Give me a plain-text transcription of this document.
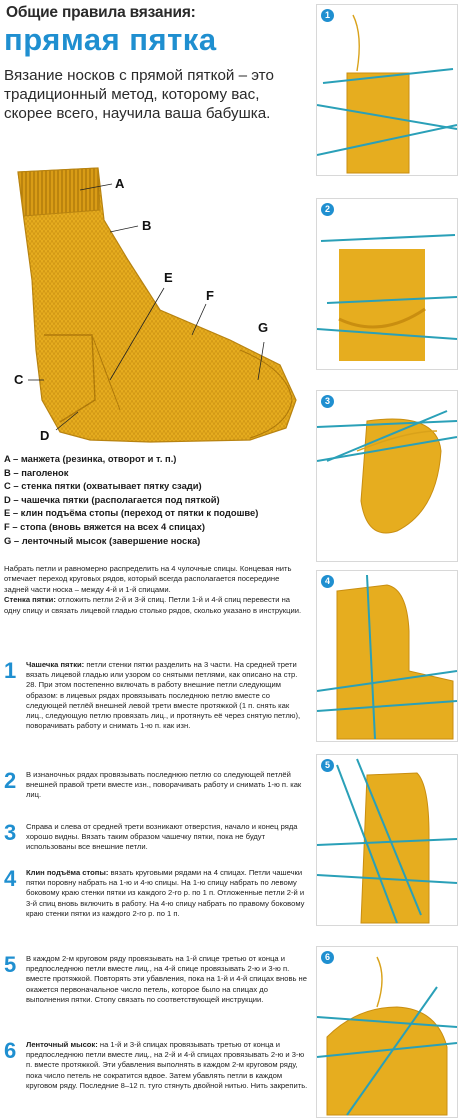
Общие правила вязания:
прямая пятка
Вязание носков с прямой пяткой – это традиционный метод, которому вас, скорее всего, научила ваша бабушка.
A
B
C
D
E
F
G
A – манжета (резинка, отворот и т. п.)
B – паголенок
C – стенка пятки (охватывает пятку сзади)
D – чашечка пятки (располагается под пяткой)
E – клин подъёма стопы (переход от пятки к подошве)
F – стопа (вновь вяжется на всех 4 спицах)
G – ленточный мысок (завершение носка)
Набрать петли и равномерно распределить на 4 чулочные спицы. Концевая нить отмечает переход круговых рядов, который всегда располагается посередине задней части носка – между 4-й и 1-й спицами.
Стенка пятки: отложить петли 2-й и 3-й спиц. Петли 1-й и 4-й спиц перевести на одну спицу и связать лицевой гладью столько рядов, сколько указано в инструкции.
1 Чашечка пятки: петли стенки пятки разделить на 3 части. На средней трети вязать лицевой гладью или узором со снятыми петлями, как описано на стр. 28. При этом постепенно включать в работу внешние петли следующим образом: в лицевых рядах провязывать последнюю петлю вместе со следующей петлёй внешней левой трети вместе протяжкой (1 п. снять как лиц., следующую петлю провязать лиц., и протянуть её через снятую петлю), поворачивать работу и снимать 1-ю п. как изн.
2 В изнаночных рядах провязывать последнюю петлю со следующей петлёй внешней правой трети вместе изн., поворачивать работу и снимать 1-ю п. как лиц.
3 Справа и слева от средней трети возникают отверстия, начало и конец ряда хорошо видны. Вязать таким образом чашечку пятки, пока не будут использованы все внешние петли.
4 Клин подъёма стопы: вязать круговыми рядами на 4 спицах. Петли чашечки пятки поровну набрать на 1-ю и 4-ю спицы. На 1-ю спицу набрать по левому боковому краю стенки пятки из каждого 2-го р. по 1 п. Отложенные петли 2-й и 3-й спиц вновь включить в работу. На 4-ю спицу набрать по правому боковому краю стенки пятки из каждого 2-го р. по 1 п.
5 В каждом 2-м круговом ряду провязывать на 1-й спице третью от конца и предпоследнюю петли вместе лиц., на 4-й спице провязывать 2-ю и 3-ю п. вместе протяжкой. Повторять эти убавления, пока на 1-й и 4-й спицах вновь не окажется первоначальное число петель, которое было на спицах до выполнения пятки. Стопу связать по соответствующей инструкции.
6 Ленточный мысок: на 1-й и 3-й спицах провязывать третью от конца и предпоследнюю петли вместе лиц., на 2-й и 4-й спицах провязывать 2-ю и 3-ю п. вместе протяжкой. Эти убавления выполнять в каждом 2-м круговом ряду, пока число петель не сократится вдвое. Затем убавлять петли в каждом круговом ряду. Последние 8–12 п. туго стянуть двойной нитью. Нить закрепить.
1
2
3
4
5
6
